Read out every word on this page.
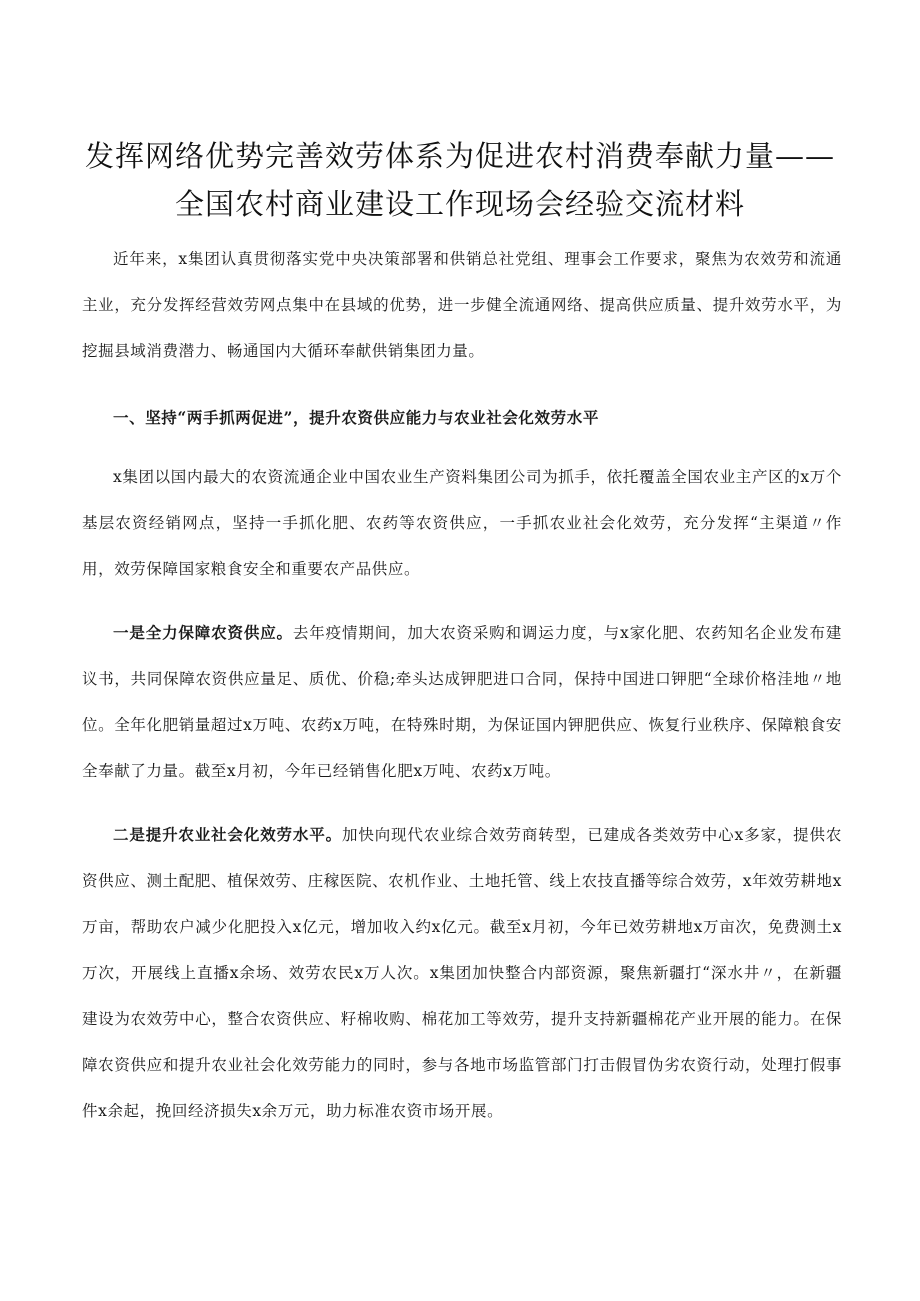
发挥网络优势完善效劳体系为促进农村消费奉献力量——
全国农村商业建设工作现场会经验交流材料

近年来，x集团认真贯彻落实党中央决策部署和供销总社党组、理事会工作要求，聚焦为农效劳和流通主业，充分发挥经营效劳网点集中在县域的优势，进一步健全流通网络、提高供应质量、提升效劳水平，为挖掘县域消费潜力、畅通国内大循环奉献供销集团力量。

一、坚持“两手抓两促进”，提升农资供应能力与农业社会化效劳水平

x集团以国内最大的农资流通企业中国农业生产资料集团公司为抓手，依托覆盖全国农业主产区的x万个基层农资经销网点，坚持一手抓化肥、农药等农资供应，一手抓农业社会化效劳，充分发挥“主渠道〃作用，效劳保障国家粮食安全和重要农产品供应。

一是全力保障农资供应。去年疫情期间，加大农资采购和调运力度，与x家化肥、农药知名企业发布建议书，共同保障农资供应量足、质优、价稳;牵头达成钾肥进口合同，保持中国进口钾肥“全球价格洼地〃地位。全年化肥销量超过x万吨、农药x万吨，在特殊时期，为保证国内钾肥供应、恢复行业秩序、保障粮食安全奉献了力量。截至x月初，今年已经销售化肥x万吨、农药x万吨。

二是提升农业社会化效劳水平。加快向现代农业综合效劳商转型，已建成各类效劳中心x多家，提供农资供应、测土配肥、植保效劳、庄稼医院、农机作业、土地托管、线上农技直播等综合效劳，x年效劳耕地x万亩，帮助农户减少化肥投入x亿元，增加收入约x亿元。截至x月初，今年已效劳耕地x万亩次，免费测土x万次，开展线上直播x余场、效劳农民x万人次。x集团加快整合内部资源，聚焦新疆打“深水井〃，在新疆建设为农效劳中心，整合农资供应、籽棉收购、棉花加工等效劳，提升支持新疆棉花产业开展的能力。在保障农资供应和提升农业社会化效劳能力的同时，参与各地市场监管部门打击假冒伪劣农资行动，处理打假事件x余起，挽回经济损失x余万元，助力标准农资市场开展。
